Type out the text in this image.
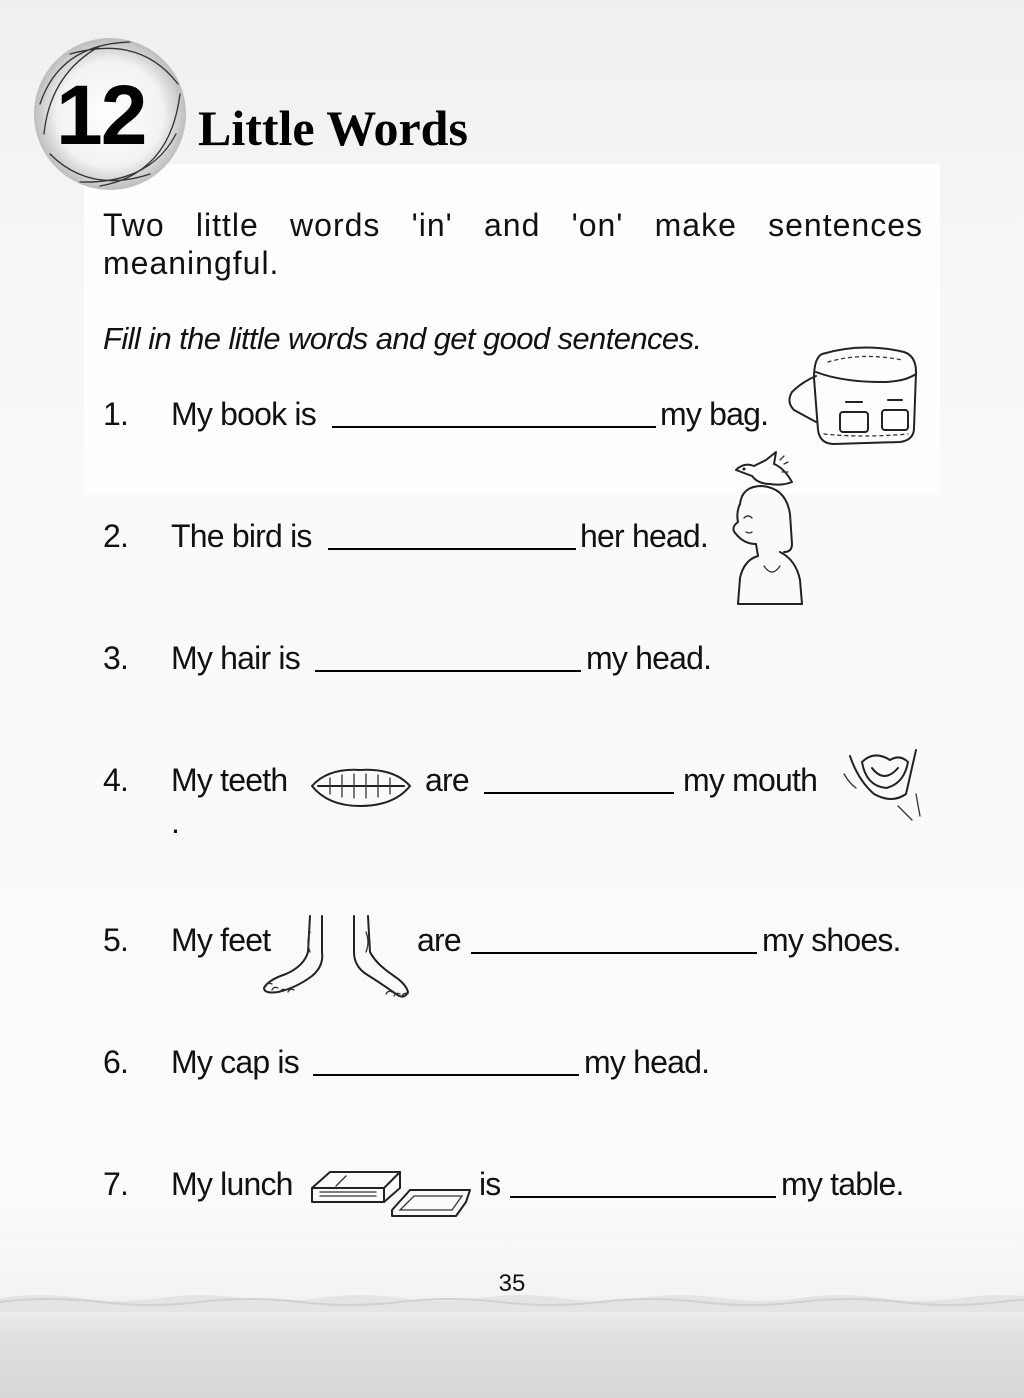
12 Little Words
Two little words 'in' and 'on' make sentences meaningful.
Fill in the little words and get good sentences.
1. My book is	my bag.
2. The bird is	her head.
3. My hair is	my head.
4. My teeth	are	my mouth
.
5. My feet	are	my shoes.
6. My cap is	my head.
7. My lunch	is	my table.
35
